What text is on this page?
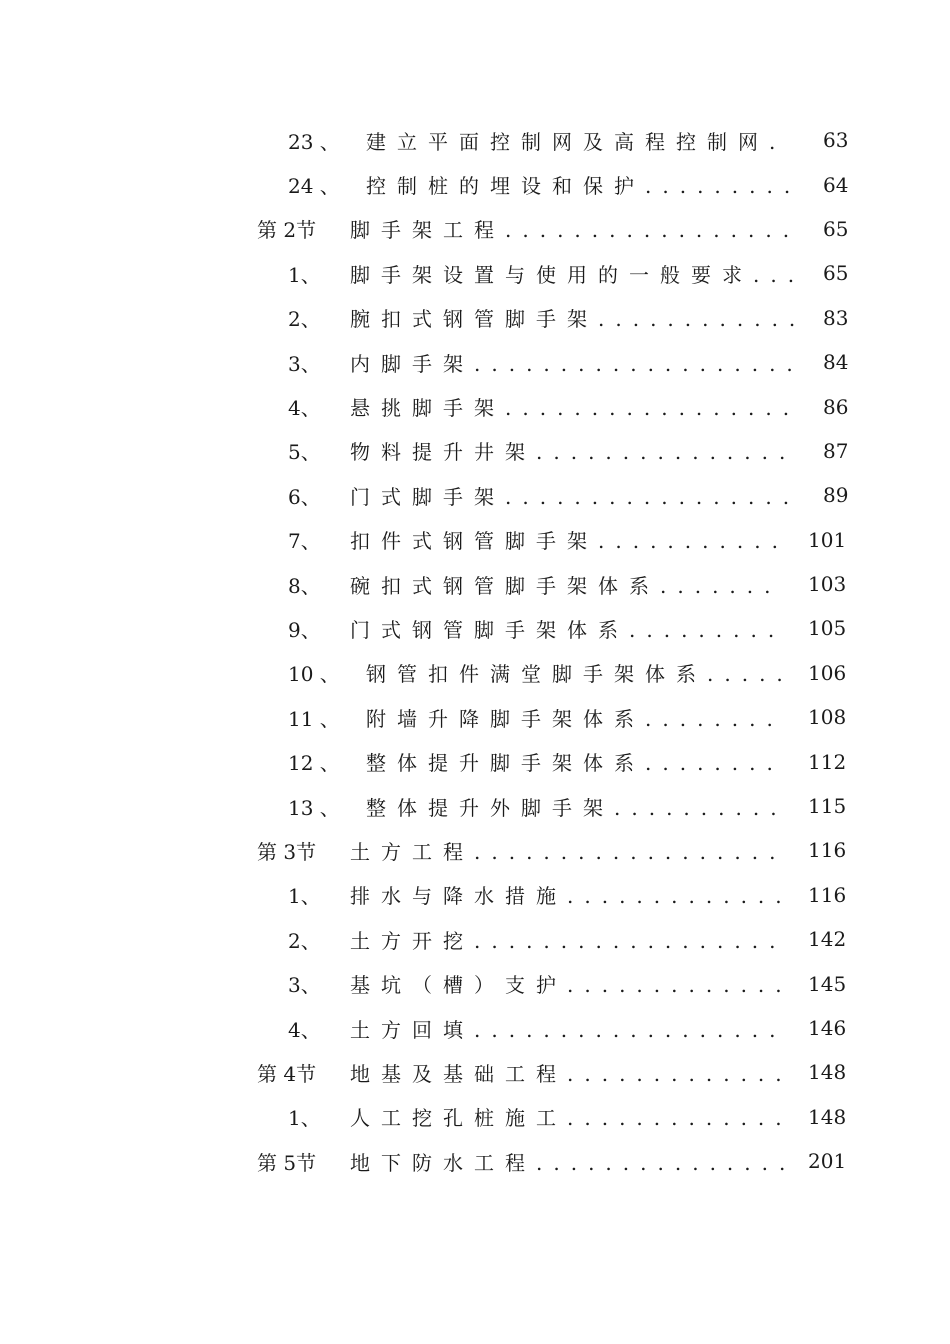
23 、 建立平面控制网及高程控制网. 63
24 、 控制桩的埋设和保护......... 64
第 2节 脚手架工程................. 65
1、 脚手架设置与使用的一般要求... 65
2、 腕扣式钢管脚手架............ 83
3、 内脚手架................... 84
4、 悬挑脚手架................. 86
5、 物料提升井架............... 87
6、 门式脚手架................. 89
7、 扣件式钢管脚手架........... 101
8、 碗扣式钢管脚手架体系....... 103
9、 门式钢管脚手架体系......... 105
10 、 钢管扣件满堂脚手架体系..... 106
11 、 附墙升降脚手架体系........ 108
12 、 整体提升脚手架体系........ 112
13 、 整体提升外脚手架.......... 115
第 3节 土方工程.................. 116
1、 排水与降水措施............. 116
2、 土方开挖.................. 142
3、 基坑（槽）支护............. 145
4、 土方回填.................. 146
第 4节 地基及基础工程............. 148
1、 人工挖孔桩施工............. 148
第 5节 地下防水工程............... 201
